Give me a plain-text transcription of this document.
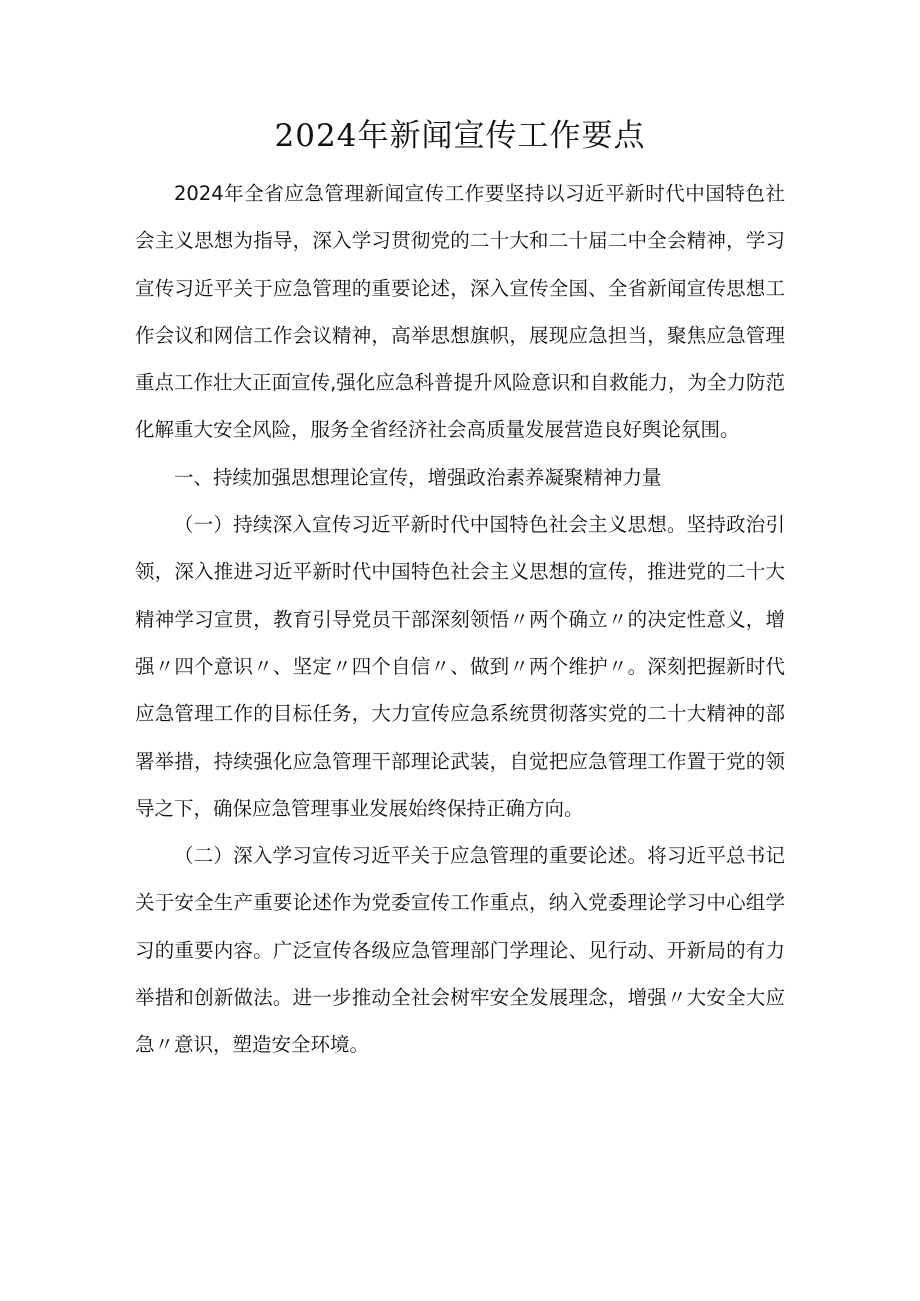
2024年新闻宣传工作要点

2024年全省应急管理新闻宣传工作要坚持以习近平新时代中国特色社会主义思想为指导，深入学习贯彻党的二十大和二十届二中全会精神，学习宣传习近平关于应急管理的重要论述，深入宣传全国、全省新闻宣传思想工作会议和网信工作会议精神，高举思想旗帜，展现应急担当，聚焦应急管理重点工作壮大正面宣传,强化应急科普提升风险意识和自救能力，为全力防范化解重大安全风险，服务全省经济社会高质量发展营造良好舆论氛围。

一、持续加强思想理论宣传，增强政治素养凝聚精神力量

（一）持续深入宣传习近平新时代中国特色社会主义思想。坚持政治引领，深入推进习近平新时代中国特色社会主义思想的宣传，推进党的二十大精神学习宣贯，教育引导党员干部深刻领悟〃两个确立〃的决定性意义，增强〃四个意识〃、坚定〃四个自信〃、做到〃两个维护〃。深刻把握新时代应急管理工作的目标任务，大力宣传应急系统贯彻落实党的二十大精神的部署举措，持续强化应急管理干部理论武装，自觉把应急管理工作置于党的领导之下，确保应急管理事业发展始终保持正确方向。

（二）深入学习宣传习近平关于应急管理的重要论述。将习近平总书记关于安全生产重要论述作为党委宣传工作重点，纳入党委理论学习中心组学习的重要内容。广泛宣传各级应急管理部门学理论、见行动、开新局的有力举措和创新做法。进一步推动全社会树牢安全发展理念，增强〃大安全大应急〃意识，塑造安全环境。
